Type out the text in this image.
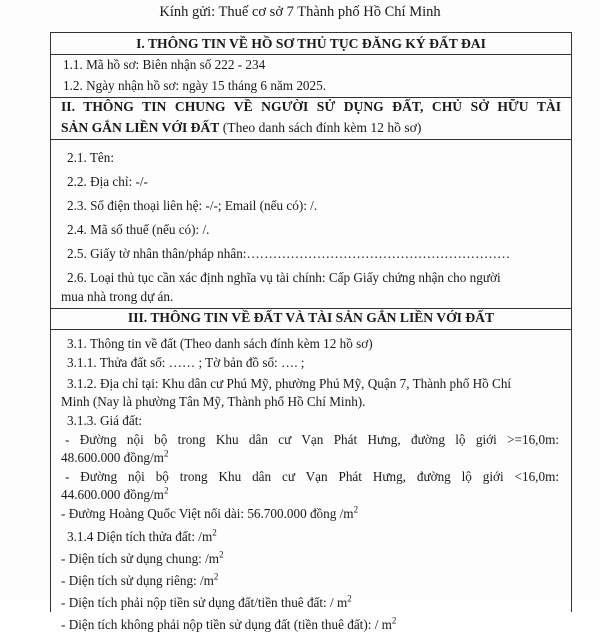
Kính gửi: Thuế cơ sở 7 Thành phố Hồ Chí Minh
I. THÔNG TIN VỀ HỒ SƠ THỦ TỤC ĐĂNG KÝ ĐẤT ĐAI
1.1. Mã hồ sơ: Biên nhận số 222 - 234
1.2. Ngày nhận hồ sơ: ngày 15 tháng 6 năm 2025.
II. THÔNG TIN CHUNG VỀ NGƯỜI SỬ DỤNG ĐẤT, CHỦ SỞ HỮU TÀI
SẢN GẮN LIỀN VỚI ĐẤT (Theo danh sách đính kèm 12 hồ sơ)
2.1. Tên:
2.2. Địa chỉ: -/-
2.3. Số điện thoại liên hệ: -/-; Email (nếu có): /.
2.4. Mã số thuế (nếu có): /.
2.5. Giấy tờ nhân thân/pháp nhân:……………………………………………………
2.6. Loại thủ tục cần xác định nghĩa vụ tài chính: Cấp Giấy chứng nhận cho người
mua nhà trong dự án.
III. THÔNG TIN VỀ ĐẤT VÀ TÀI SẢN GẮN LIỀN VỚI ĐẤT
3.1. Thông tin về đất (Theo danh sách đính kèm 12 hồ sơ)
3.1.1. Thửa đất số: …… ; Tờ bản đồ số: …. ;
3.1.2. Địa chỉ tại: Khu dân cư Phú Mỹ, phường Phú Mỹ, Quận 7, Thành phố Hồ Chí
Minh (Nay là phường Tân Mỹ, Thành phố Hồ Chí Minh).
3.1.3. Giá đất:
- Đường nội bộ trong Khu dân cư Vạn Phát Hưng, đường lộ giới >=16,0m:
48.600.000 đồng/$m^2$
- Đường nội bộ trong Khu dân cư Vạn Phát Hưng, đường lộ giới <16,0m:
44.600.000 đồng/$m^2$
- Đường Hoàng Quốc Việt nối dài: 56.700.000 đồng $/m^2$
3.1.4 Diện tích thửa đất: $/m^2$
- Diện tích sử dụng chung: $/m^2$
- Diện tích sử dụng riêng: $/m^2$
- Diện tích phải nộp tiền sử dụng đất/tiền thuê đất: / $m^2$
- Diện tích không phải nộp tiền sử dụng đất (tiền thuê đất): / $m^2$
